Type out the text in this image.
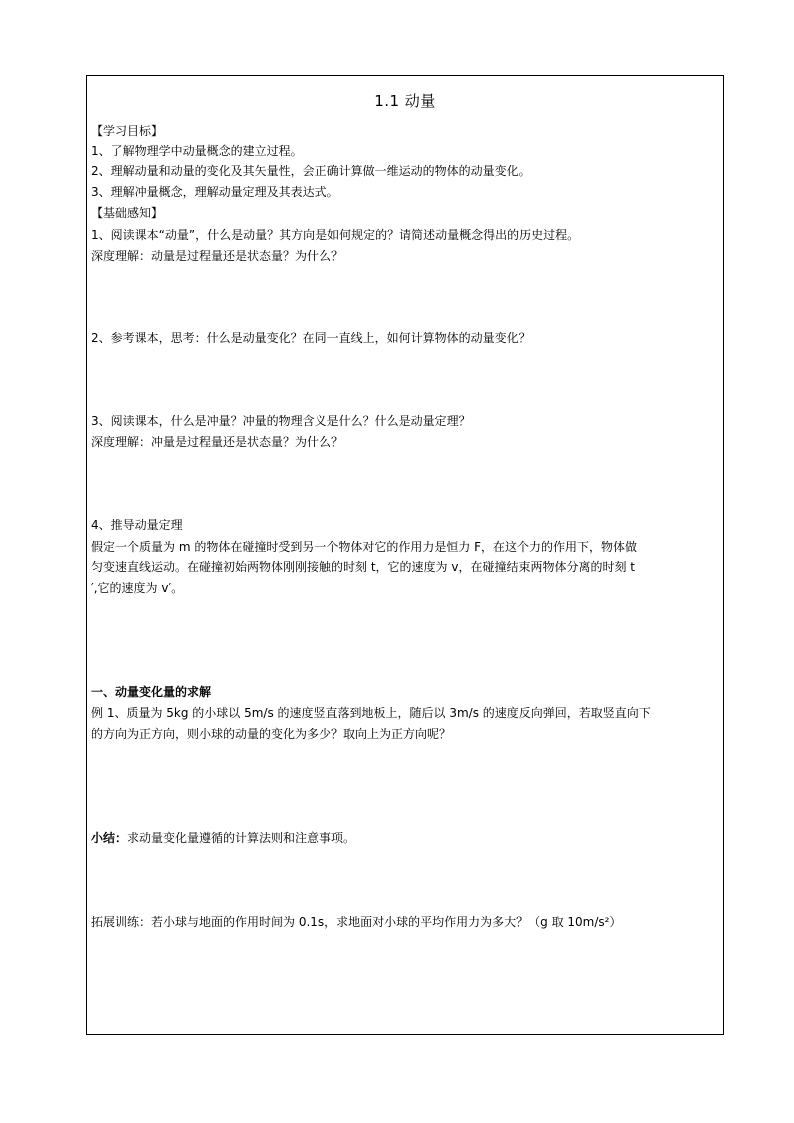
1.1 动量
【学习目标】
1、了解物理学中动量概念的建立过程。
2、理解动量和动量的变化及其矢量性，会正确计算做一维运动的物体的动量变化。
3、理解冲量概念，理解动量定理及其表达式。
【基础感知】
1、阅读课本“动量”，什么是动量？其方向是如何规定的？请简述动量概念得出的历史过程。
深度理解：动量是过程量还是状态量？为什么？
2、参考课本，思考：什么是动量变化？在同一直线上，如何计算物体的动量变化？
3、阅读课本，什么是冲量？冲量的物理含义是什么？什么是动量定理？
深度理解：冲量是过程量还是状态量？为什么？
4、推导动量定理
假定一个质量为 m 的物体在碰撞时受到另一个物体对它的作用力是恒力 F，在这个力的作用下，物体做
匀变速直线运动。在碰撞初始两物体刚刚接触的时刻 t，它的速度为 v，在碰撞结束两物体分离的时刻 t
′,它的速度为 v′。
一、动量变化量的求解
例 1、质量为 5kg 的小球以 5m/s 的速度竖直落到地板上，随后以 3m/s 的速度反向弹回，若取竖直向下
的方向为正方向，则小球的动量的变化为多少？取向上为正方向呢？
小结：求动量变化量遵循的计算法则和注意事项。
拓展训练：若小球与地面的作用时间为 0.1s，求地面对小球的平均作用力为多大？（g 取 10m/s²）
